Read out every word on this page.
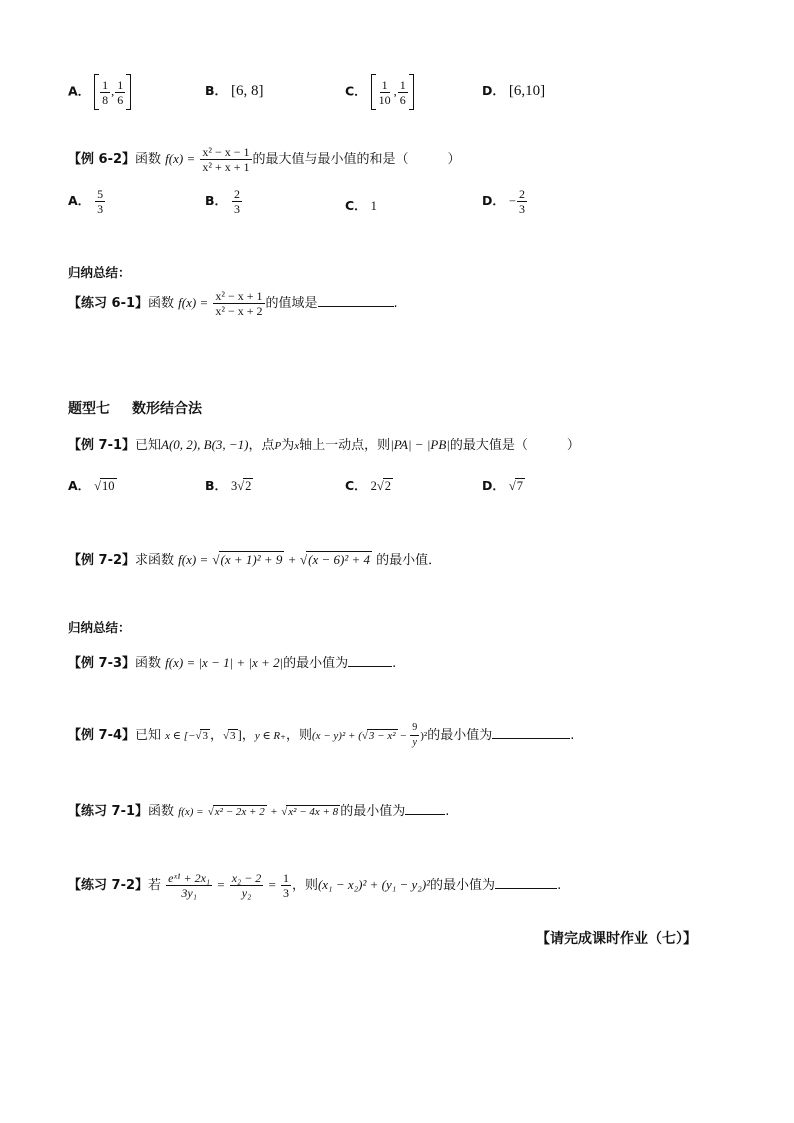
A． $\frac{1}{8}$ , $\frac{1}{6}$	B． [6, 8]	C． $\frac{1}{10}$ , $\frac{1}{6}$	D． [6,10]
【例 6-2】函数 $f(x) = \frac{\text{x² − x − 1}}{\text{x² + x + 1}}$ 的最大值与最小值的和是（　　　）
A． $\frac{5}{3}$	B． $\frac{2}{3}$	C． 1	D． − $\frac{2}{3}$
归纳总结：
【练习 6-1】函数 $f(x) = \frac{\text{x² − x + 1}}{\text{x² − x + 2}}$ 的值域是	.
题型七 数形结合法
【例 7-1】已知A(0, 2), B(3, −1)，点P为x轴上一动点，则|PA| − |PB|的最大值是（　　　）
A． √10	B． 3√2	C． 2√2	D． √7
【例 7-2】求函数 f(x) = √(x + 1)² + 9 + √(x − 6)² + 4 的最小值．
归纳总结：
【例 7-3】函数 f(x) = |x − 1| + |x + 2|的最小值为	.
【例 7-4】已知 x ∈ [−√3 ，√3 ]，y ∈ R₊，则$(x - y)^2 + (√3 - x^2 - \frac{9}{y} )^2$的最小值为	.
【练习 7-1】函数 f(x) = √x² − 2x + 2 + √x² − 4x + 8 的最小值为	.
【练习 7-2】若 $\frac{\text{eˣ¹ + 2x₁}}{\text{3y₁}} = \frac{\text{x₂ − 2}}{\text{y₂}} = \frac{1}{3}$ ，则(x₁ − x₂)² + (y₁ − y₂)²的最小值为	.
【请完成课时作业（七）】
